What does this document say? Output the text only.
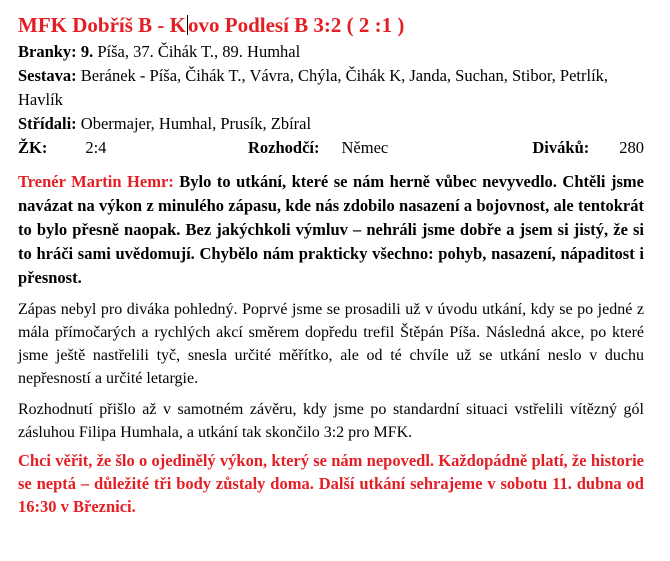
MFK Dobříš B - Kovo Podlesí B 3:2 ( 2 :1 )
Branky: 9. Píša, 37. Čihák T., 89. Humhal
Sestava: Beránek - Píša, Čihák T., Vávra, Chýla, Čihák K, Janda, Suchan, Stibor, Petrlík, Havlík
Střídali: Obermajer, Humhal, Prusík, Zbíral
ŽK: 2:4	Rozhodčí: Němec	Diváků: 280
Trenér Martin Hemr: Bylo to utkání, které se nám herně vůbec nevyvedlo. Chtěli jsme navázat na výkon z minulého zápasu, kde nás zdobilo nasazení a bojovnost, ale tentokrát to bylo přesně naopak. Bez jakýchkoli výmluv – nehráli jsme dobře a jsem si jistý, že si to hráči sami uvědomují. Chybělo nám prakticky všechno: pohyb, nasazení, nápaditost i přesnost.
Zápas nebyl pro diváka pohledný. Poprvé jsme se prosadili už v úvodu utkání, kdy se po jedné z mála přímočarých a rychlých akcí směrem dopředu trefil Štěpán Píša. Následná akce, po které jsme ještě nastřelili tyč, snesla určité měřítko, ale od té chvíle už se utkání neslo v duchu nepřesností a určité letargie.
Rozhodnutí přišlo až v samotném závěru, kdy jsme po standardní situaci vstřelili vítězný gól zásluhou Filipa Humhala, a utkání tak skončilo 3:2 pro MFK.
Chci věřit, že šlo o ojedinělý výkon, který se nám nepovedl. Každopádně platí, že historie se neptá – důležité tři body zůstaly doma. Další utkání sehrajeme v sobotu 11. dubna od 16:30 v Březnici.
